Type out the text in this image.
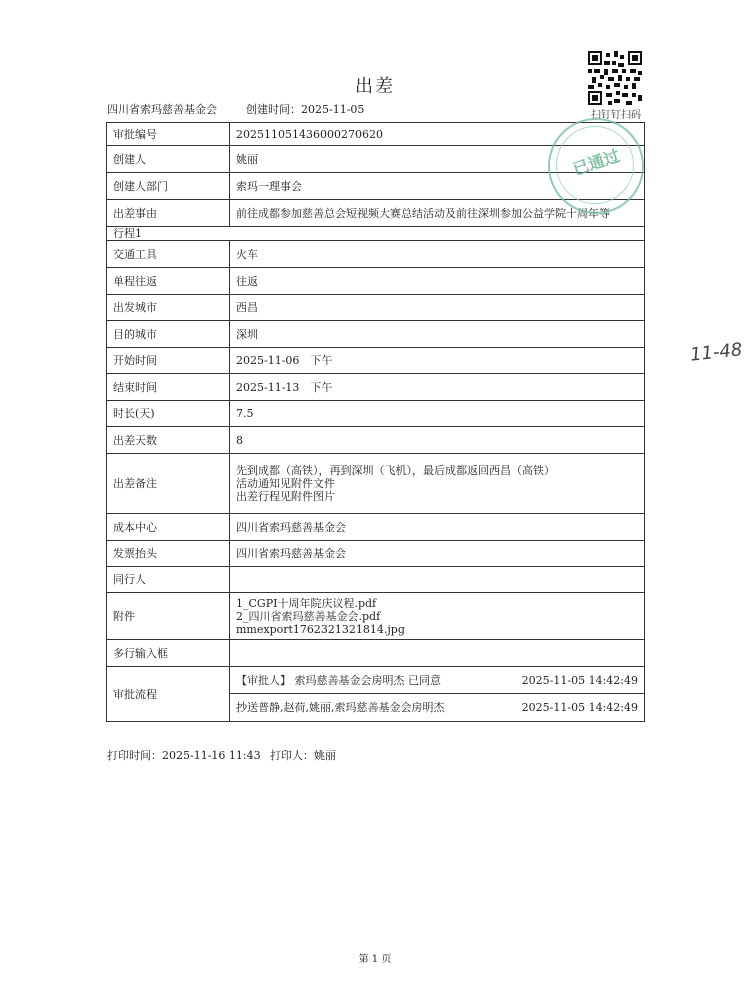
出差
四川省索玛慈善基金会	创建时间：2025-11-05	扫钉钉扫码
审批编号	202511051436000270620
创建人	姚丽
创建人部门	索玛一理事会
出差事由	前往成都参加慈善总会短视频大赛总结活动及前往深圳参加公益学院十周年等
行程1	
交通工具	火车
单程往返	往返
出发城市	西昌
目的城市	深圳
开始时间	2025-11-06　下午
结束时间	2025-11-13　下午
时长(天)	7.5
出差天数	8
出差备注	先到成都（高铁），再到深圳（飞机），最后成都返回西昌（高铁）
活动通知见附件文件
出差行程见附件图片

成本中心	四川省索玛慈善基金会
发票抬头	四川省索玛慈善基金会
同行人	
附件	1_CGPI十周年院庆议程.pdf
2_四川省索玛慈善基金会.pdf
mmexport1762321321814.jpg

多行输入框	
审批流程	【审批人】 索玛慈善基金会房明杰 已同意 2025-11-05 14:42:49
抄送普静,赵荷,姚丽,索玛慈善基金会房明杰 2025-11-05 14:42:49
已通过
11-48
打印时间：2025-11-16 11:43 打印人：姚丽
第 1 页
